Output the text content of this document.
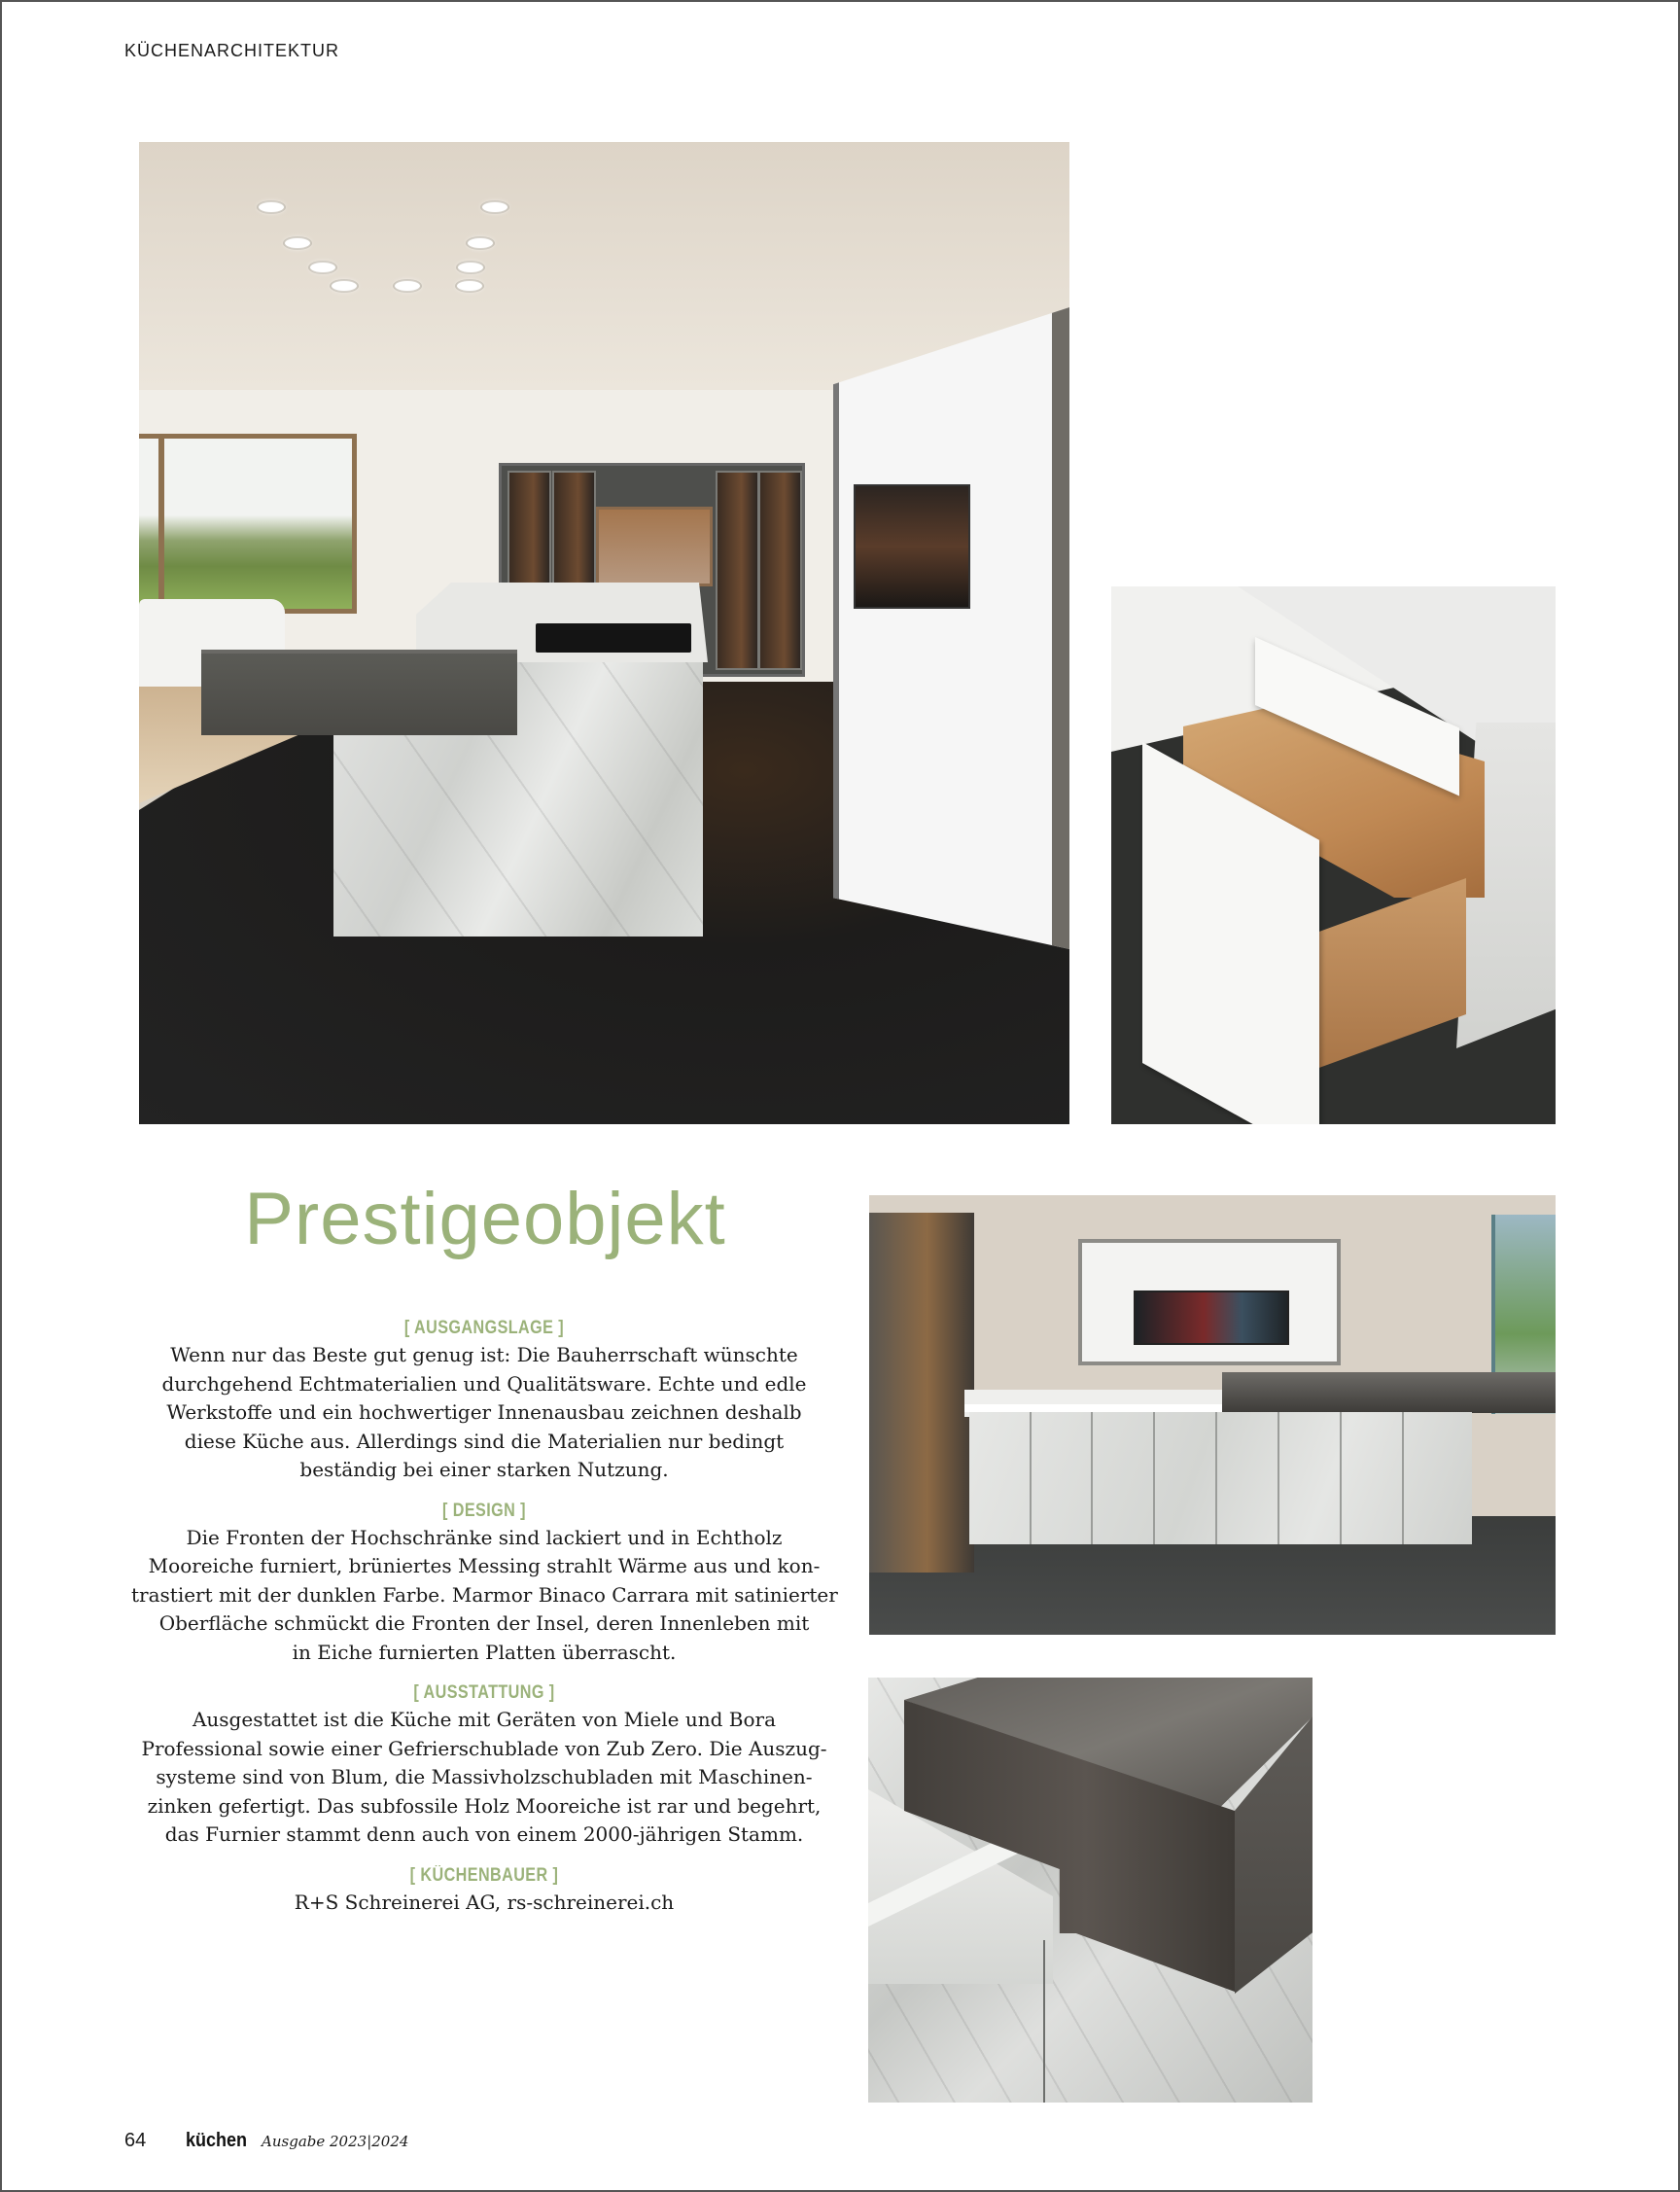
KÜCHENARCHITEKTUR
Prestigeobjekt
[ AUSGANGSLAGE ]
Wenn nur das Beste gut genug ist: Die Bauherrschaft wünschte
durchgehend Echtmaterialien und Qualitätsware. Echte und edle
Werkstoffe und ein hochwertiger Innenausbau zeichnen deshalb
diese Küche aus. Allerdings sind die Materialien nur bedingt
beständig bei einer starken Nutzung.
[ DESIGN ]
Die Fronten der Hochschränke sind lackiert und in Echtholz
Mooreiche furniert, brüniertes Messing strahlt Wärme aus und kon-
trastiert mit der dunklen Farbe. Marmor Binaco Carrara mit satinierter
Oberfläche schmückt die Fronten der Insel, deren Innenleben mit
in Eiche furnierten Platten überrascht.
[ AUSSTATTUNG ]
Ausgestattet ist die Küche mit Geräten von Miele und Bora
Professional sowie einer Gefrierschublade von Zub Zero. Die Auszug-
systeme sind von Blum, die Massivholzschubladen mit Maschinen-
zinken gefertigt. Das subfossile Holz Mooreiche ist rar und begehrt,
das Furnier stammt denn auch von einem 2000-jährigen Stamm.
[ KÜCHENBAUER ]
R+S Schreinerei AG, rs-schreinerei.ch
64	küchen Ausgabe 2023|2024
